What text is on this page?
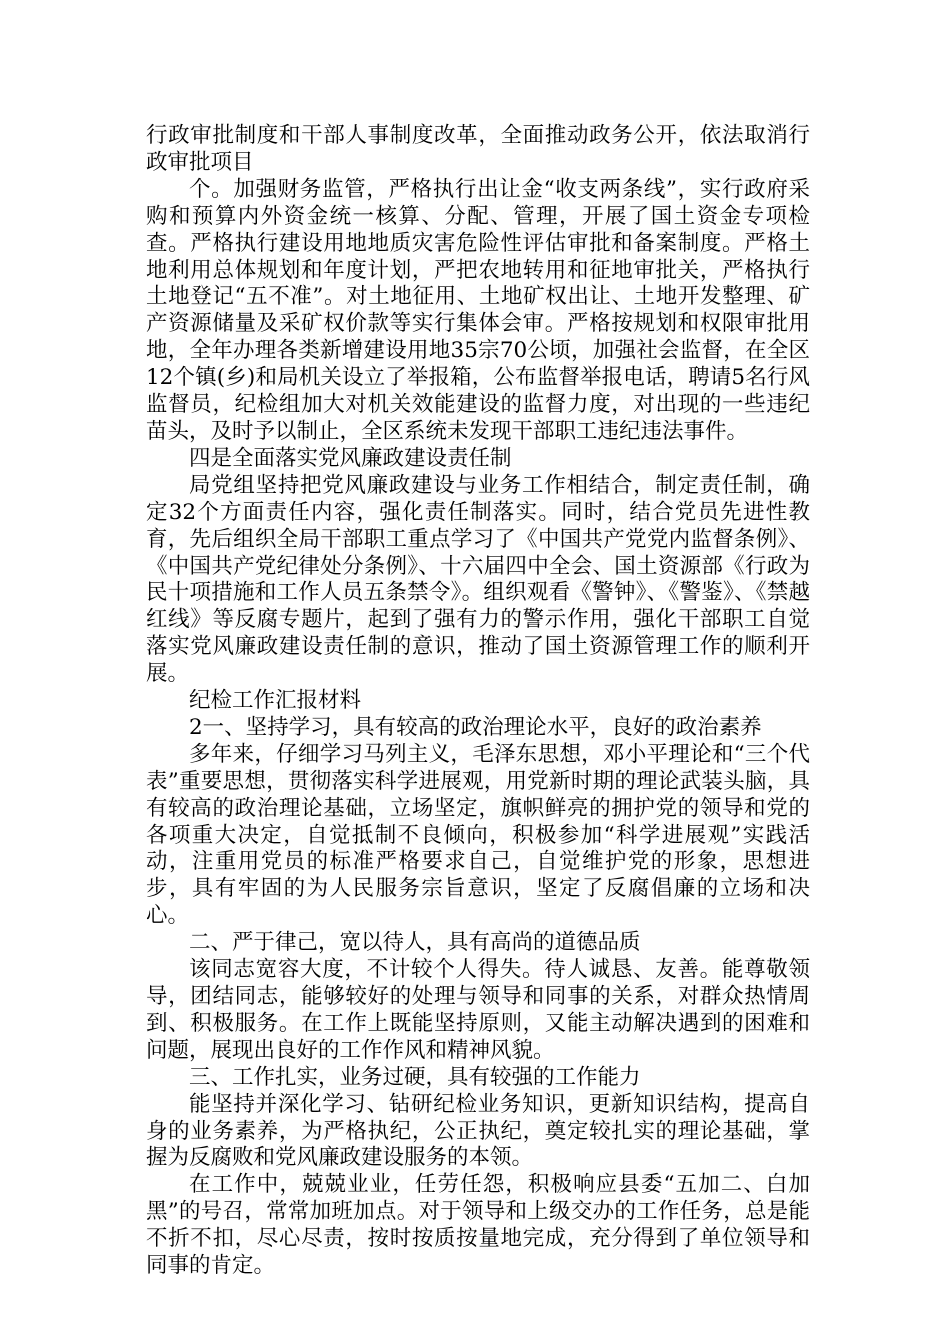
行政审批制度和干部人事制度改革，全面推动政务公开，依法取消行政审批项目

个。加强财务监管，严格执行出让金“收支两条线”，实行政府采购和预算内外资金统一核算、分配、管理，开展了国土资金专项检查。严格执行建设用地地质灾害危险性评估审批和备案制度。严格土地利用总体规划和年度计划，严把农地转用和征地审批关，严格执行土地登记“五不准”。对土地征用、土地矿权出让、土地开发整理、矿产资源储量及采矿权价款等实行集体会审。严格按规划和权限审批用地，全年办理各类新增建设用地35宗70公顷，加强社会监督，在全区12个镇(乡)和局机关设立了举报箱，公布监督举报电话，聘请5名行风监督员，纪检组加大对机关效能建设的监督力度，对出现的一些违纪苗头，及时予以制止，全区系统未发现干部职工违纪违法事件。

四是全面落实党风廉政建设责任制

局党组坚持把党风廉政建设与业务工作相结合，制定责任制，确定32个方面责任内容，强化责任制落实。同时，结合党员先进性教育，先后组织全局干部职工重点学习了《中国共产党党内监督条例》、《中国共产党纪律处分条例》、十六届四中全会、国土资源部《行政为民十项措施和工作人员五条禁令》。组织观看《警钟》、《警鉴》、《禁越红线》等反腐专题片，起到了强有力的警示作用，强化干部职工自觉落实党风廉政建设责任制的意识，推动了国土资源管理工作的顺利开展。

纪检工作汇报材料

2一、坚持学习，具有较高的政治理论水平，良好的政治素养

多年来，仔细学习马列主义，毛泽东思想，邓小平理论和“三个代表”重要思想，贯彻落实科学进展观，用党新时期的理论武装头脑，具有较高的政治理论基础，立场坚定，旗帜鲜亮的拥护党的领导和党的各项重大决定，自觉抵制不良倾向，积极参加“科学进展观”实践活动，注重用党员的标准严格要求自己，自觉维护党的形象，思想进步，具有牢固的为人民服务宗旨意识，坚定了反腐倡廉的立场和决心。

二、严于律己，宽以待人，具有高尚的道德品质

该同志宽容大度，不计较个人得失。待人诚恳、友善。能尊敬领导，团结同志，能够较好的处理与领导和同事的关系，对群众热情周到、积极服务。在工作上既能坚持原则，又能主动解决遇到的困难和问题，展现出良好的工作作风和精神风貌。

三、工作扎实，业务过硬，具有较强的工作能力

能坚持并深化学习、钻研纪检业务知识，更新知识结构，提高自身的业务素养，为严格执纪，公正执纪，奠定较扎实的理论基础，掌握为反腐败和党风廉政建设服务的本领。

在工作中，兢兢业业，任劳任怨，积极响应县委“五加二、白加黑”的号召，常常加班加点。对于领导和上级交办的工作任务，总是能不折不扣，尽心尽责，按时按质按量地完成，充分得到了单位领导和同事的肯定。
